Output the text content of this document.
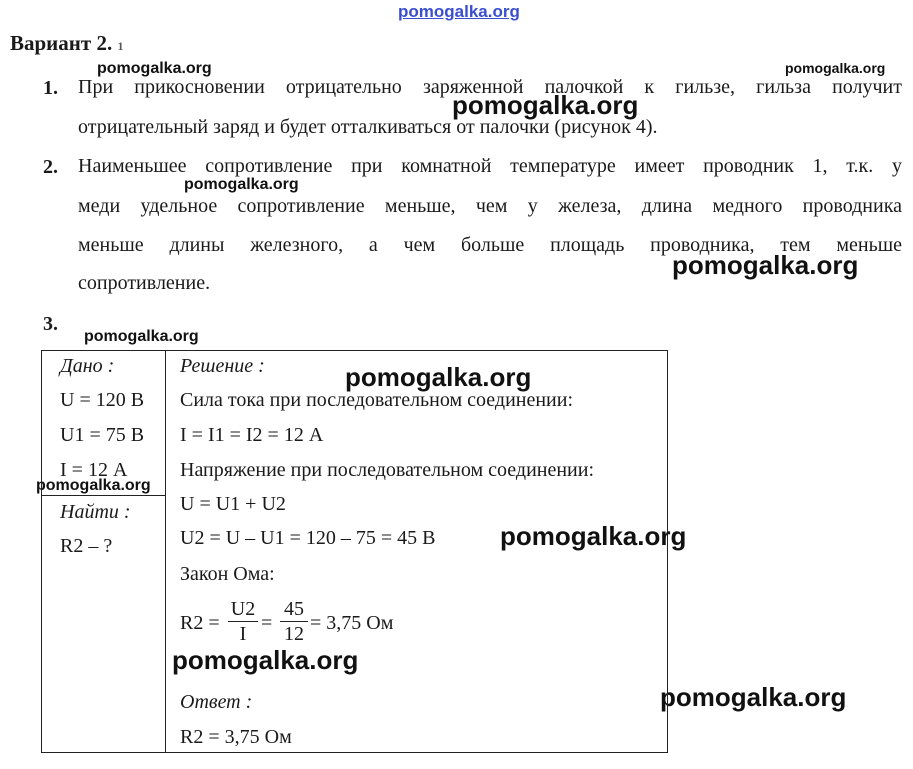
pomogalka.org
pomogalka.org	pomogalka.org
pomogalka.org
pomogalka.org
pomogalka.org
pomogalka.org
pomogalka.org
pomogalka.org
pomogalka.org
pomogalka.org
pomogalka.org
Вариант 2. 1
1. При прикосновении отрицательно заряженной палочкой к гильзе, гильза получит
отрицательный заряд и будет отталкиваться от палочки (рисунок 4).
2. Наименьшее сопротивление при комнатной температуре имеет проводник 1, т.к. у
меди удельное сопротивление меньше, чем у железа, длина медного проводника
меньше длины железного, а чем больше площадь проводника, тем меньше
сопротивление.
3.
Дано :
U = 120 В
U1 = 75 В
I = 12 А
Найти :
R2 – ?
Решение :
Сила тока при последовательном соединении:
I = I1 = I2 = 12 А
Напряжение при последовательном соединении:
U = U1 + U2
U2 = U – U1 = 120 – 75 = 45 В
Закон Ома:
R2 =
U2
I =
45
12 = 3,75 Ом
Ответ :
R2 = 3,75 Ом
